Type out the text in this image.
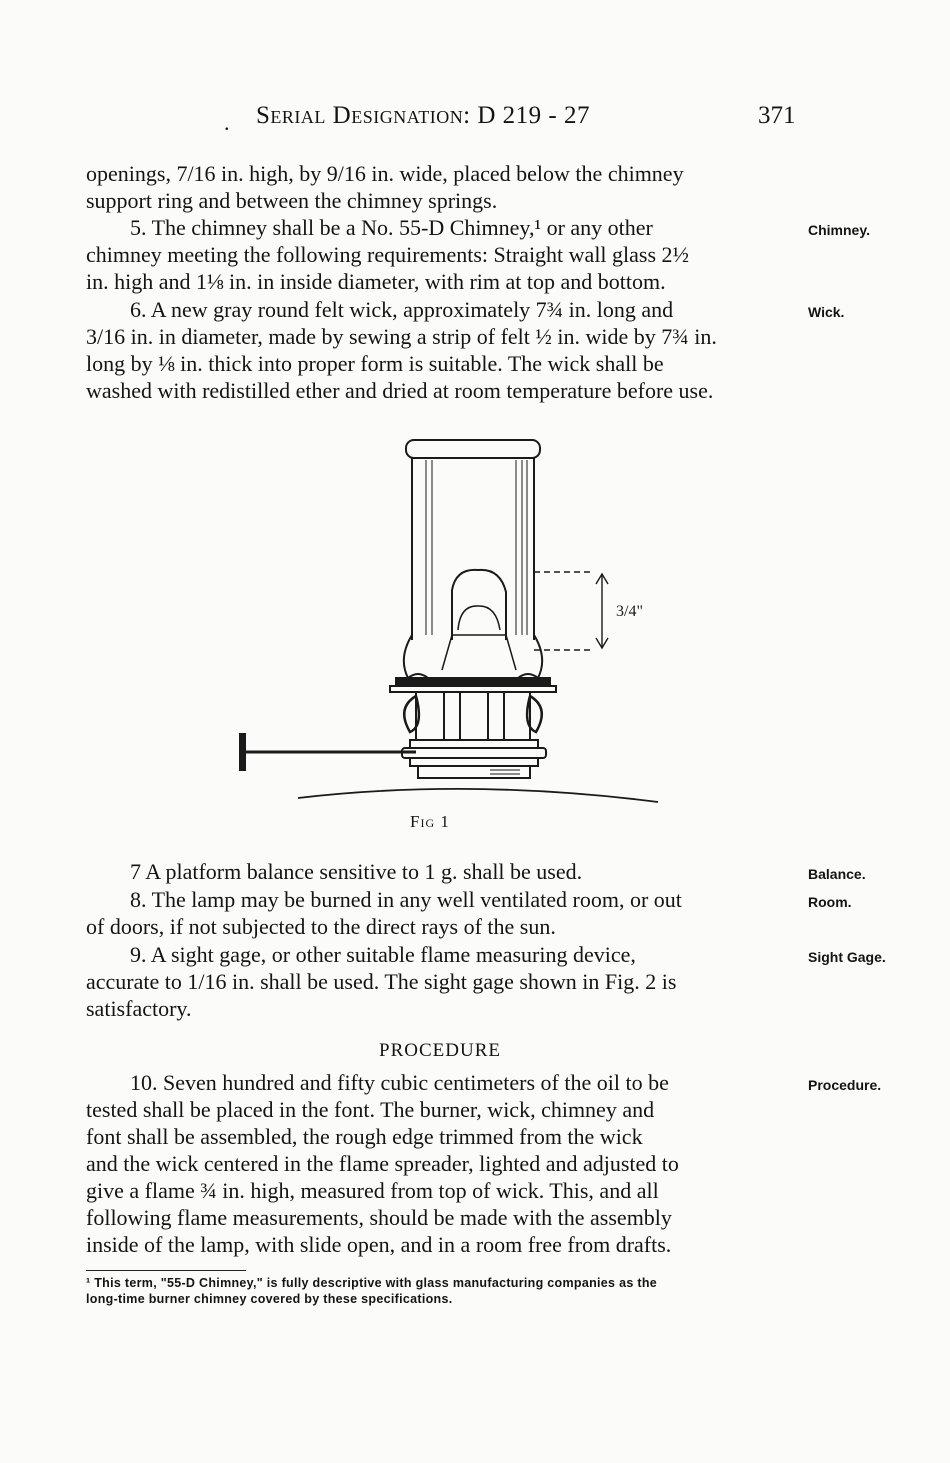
. Serial Designation: D 219 - 27	371
openings, 7/16 in. high, by 9/16 in. wide, placed below the chimney
support ring and between the chimney springs.
5. The chimney shall be a No. 55-D Chimney,¹ or any other
chimney meeting the following requirements: Straight wall glass 2½
in. high and 1⅛ in. in inside diameter, with rim at top and bottom.
Chimney.
6. A new gray round felt wick, approximately 7¾ in. long and
3/16 in. in diameter, made by sewing a strip of felt ½ in. wide by 7¾ in.
long by ⅛ in. thick into proper form is suitable. The wick shall be
washed with redistilled ether and dried at room temperature before use.
Wick.
3/4"
Fig 1
7 A platform balance sensitive to 1 g. shall be used.	Balance.
8. The lamp may be burned in any well ventilated room, or out
of doors, if not subjected to the direct rays of the sun.
Room.
9. A sight gage, or other suitable flame measuring device,
accurate to 1/16 in. shall be used. The sight gage shown in Fig. 2 is
satisfactory.
Sight Gage.
PROCEDURE
10. Seven hundred and fifty cubic centimeters of the oil to be
tested shall be placed in the font. The burner, wick, chimney and
font shall be assembled, the rough edge trimmed from the wick
and the wick centered in the flame spreader, lighted and adjusted to
give a flame ¾ in. high, measured from top of wick. This, and all
following flame measurements, should be made with the assembly
inside of the lamp, with slide open, and in a room free from drafts.
Procedure.
¹ This term, "55-D Chimney," is fully descriptive with glass manufacturing companies as the
long-time burner chimney covered by these specifications.
